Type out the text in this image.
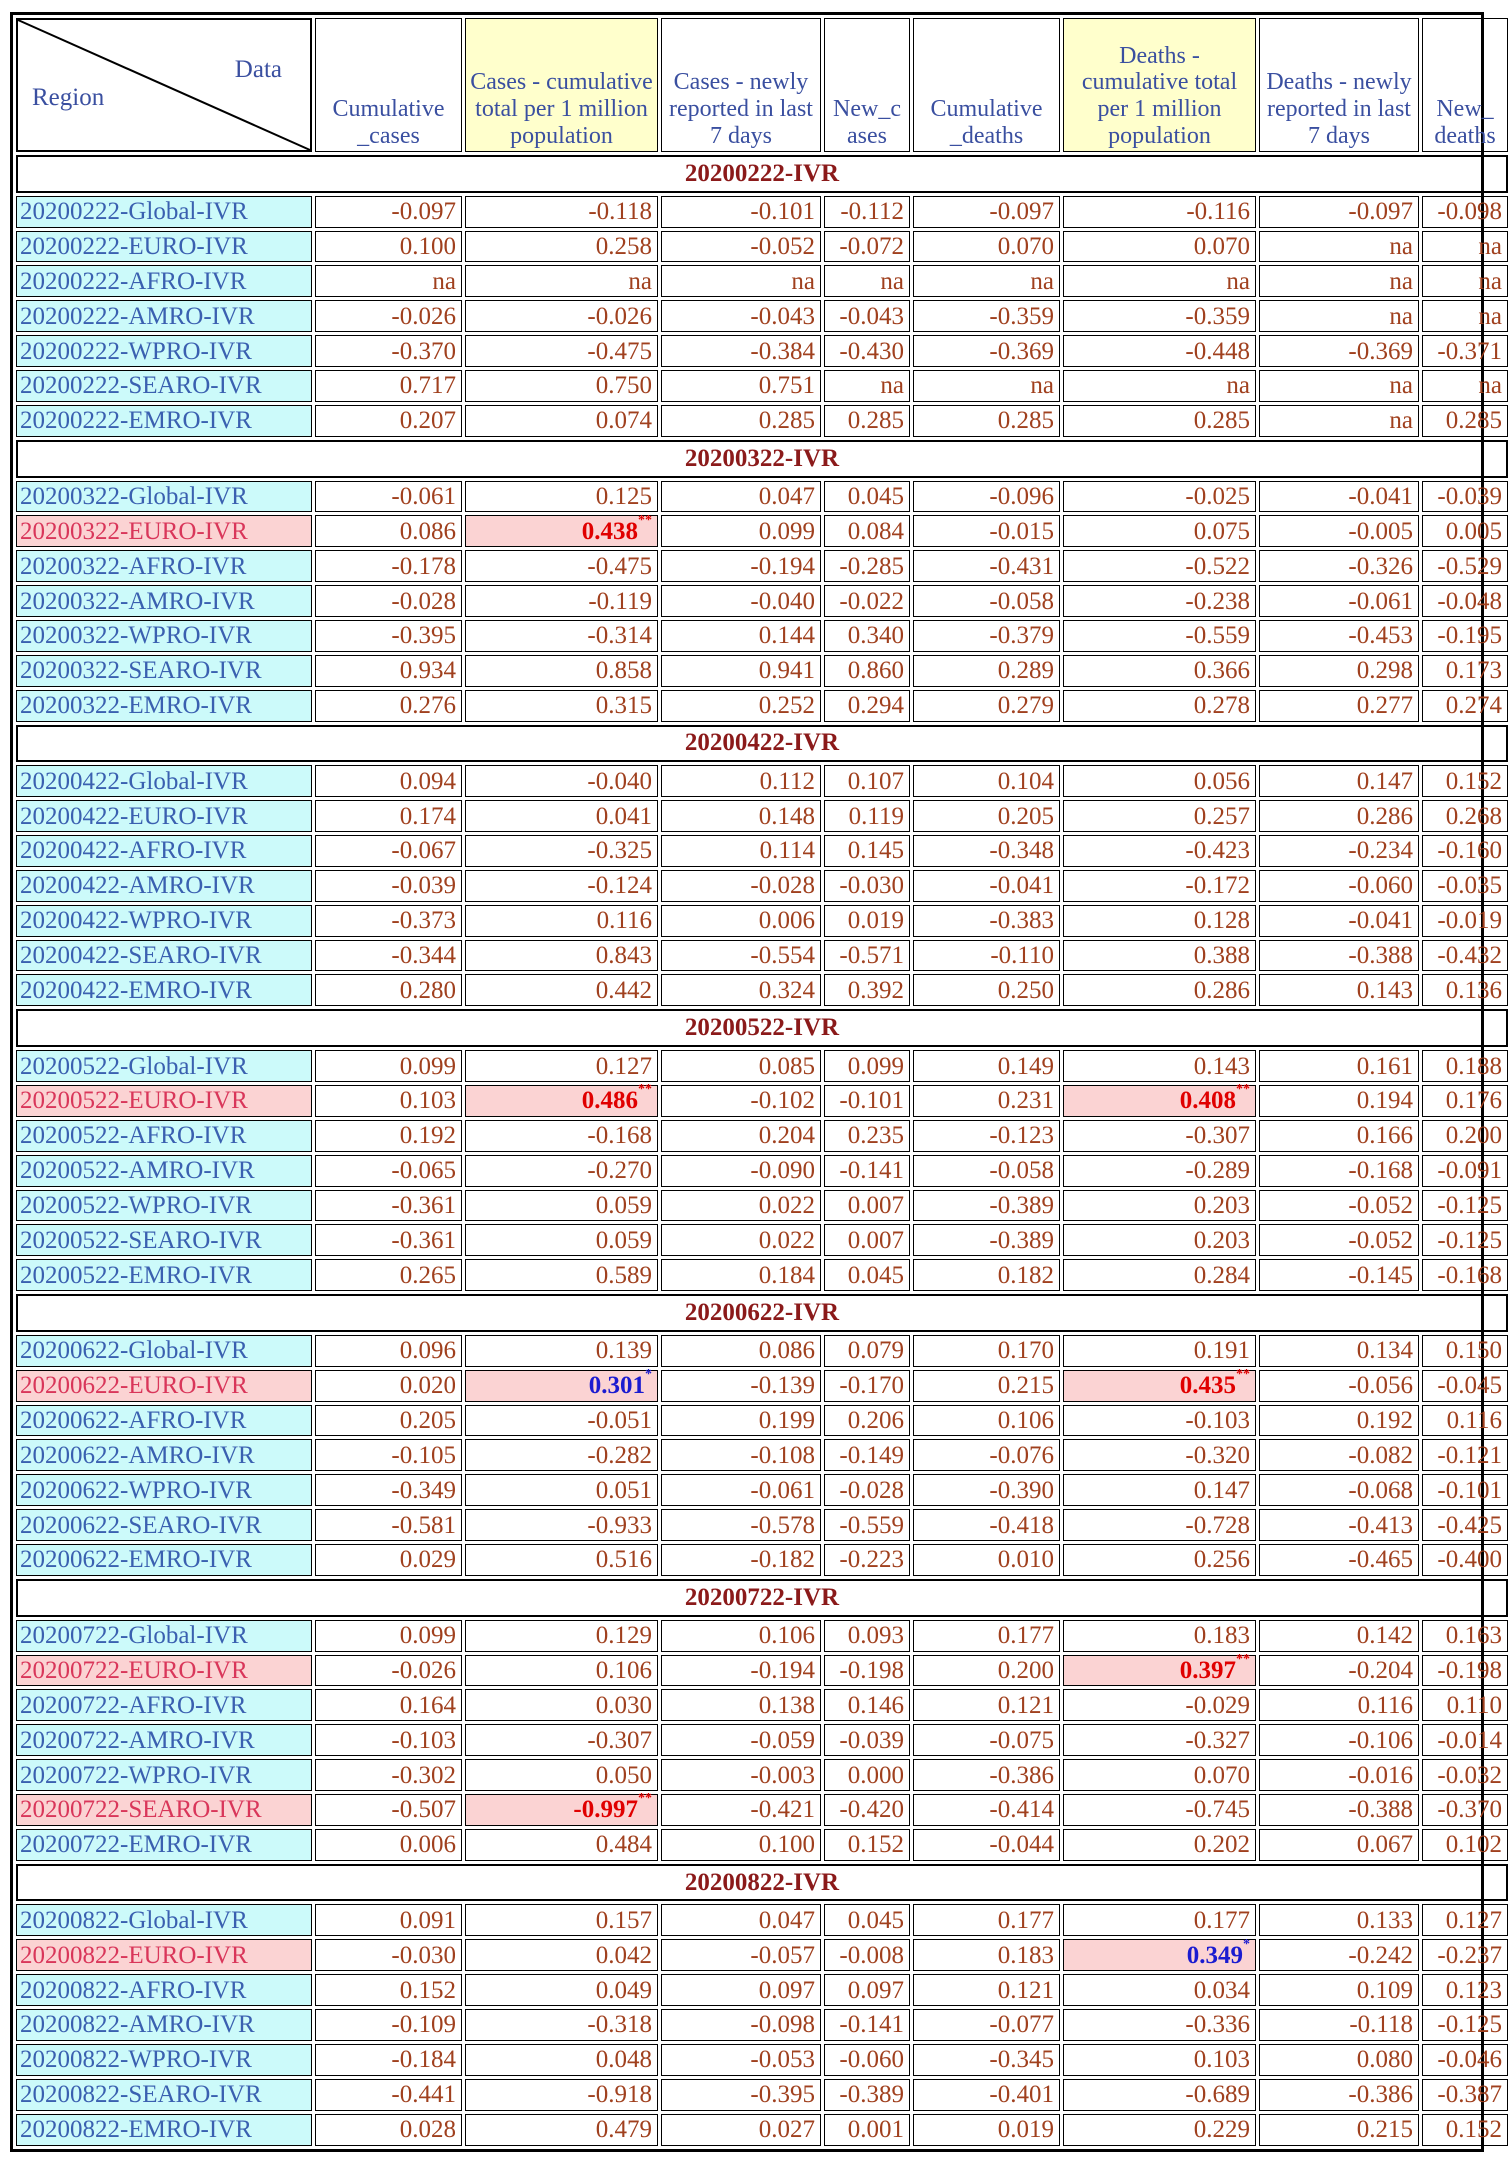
Data
Region	Cumulative _cases	Cases - cumulative total per 1 million population	Cases - newly reported in last 7 days	New_c ases	Cumulative _deaths	Deaths - cumulative total per 1 million population	Deaths - newly reported in last 7 days	New_ deaths
20200222-IVR								
20200222-Global-IVR	-0.097	-0.118	-0.101	-0.112	-0.097	-0.116	-0.097	-0.098
20200222-EURO-IVR	0.100	0.258	-0.052	-0.072	0.070	0.070	na	na
20200222-AFRO-IVR	na	na	na	na	na	na	na	na
20200222-AMRO-IVR	-0.026	-0.026	-0.043	-0.043	-0.359	-0.359	na	na
20200222-WPRO-IVR	-0.370	-0.475	-0.384	-0.430	-0.369	-0.448	-0.369	-0.371
20200222-SEARO-IVR	0.717	0.750	0.751	na	na	na	na	na
20200222-EMRO-IVR	0.207	0.074	0.285	0.285	0.285	0.285	na	0.285
20200322-IVR								
20200322-Global-IVR	-0.061	0.125	0.047	0.045	-0.096	-0.025	-0.041	-0.039
20200322-EURO-IVR	0.086	0.438**	0.099	0.084	-0.015	0.075	-0.005	0.005
20200322-AFRO-IVR	-0.178	-0.475	-0.194	-0.285	-0.431	-0.522	-0.326	-0.529
20200322-AMRO-IVR	-0.028	-0.119	-0.040	-0.022	-0.058	-0.238	-0.061	-0.048
20200322-WPRO-IVR	-0.395	-0.314	0.144	0.340	-0.379	-0.559	-0.453	-0.195
20200322-SEARO-IVR	0.934	0.858	0.941	0.860	0.289	0.366	0.298	0.173
20200322-EMRO-IVR	0.276	0.315	0.252	0.294	0.279	0.278	0.277	0.274
20200422-IVR								
20200422-Global-IVR	0.094	-0.040	0.112	0.107	0.104	0.056	0.147	0.152
20200422-EURO-IVR	0.174	0.041	0.148	0.119	0.205	0.257	0.286	0.268
20200422-AFRO-IVR	-0.067	-0.325	0.114	0.145	-0.348	-0.423	-0.234	-0.160
20200422-AMRO-IVR	-0.039	-0.124	-0.028	-0.030	-0.041	-0.172	-0.060	-0.035
20200422-WPRO-IVR	-0.373	0.116	0.006	0.019	-0.383	0.128	-0.041	-0.019
20200422-SEARO-IVR	-0.344	0.843	-0.554	-0.571	-0.110	0.388	-0.388	-0.432
20200422-EMRO-IVR	0.280	0.442	0.324	0.392	0.250	0.286	0.143	0.136
20200522-IVR								
20200522-Global-IVR	0.099	0.127	0.085	0.099	0.149	0.143	0.161	0.188
20200522-EURO-IVR	0.103	0.486**	-0.102	-0.101	0.231	0.408**	0.194	0.176
20200522-AFRO-IVR	0.192	-0.168	0.204	0.235	-0.123	-0.307	0.166	0.200
20200522-AMRO-IVR	-0.065	-0.270	-0.090	-0.141	-0.058	-0.289	-0.168	-0.091
20200522-WPRO-IVR	-0.361	0.059	0.022	0.007	-0.389	0.203	-0.052	-0.125
20200522-SEARO-IVR	-0.361	0.059	0.022	0.007	-0.389	0.203	-0.052	-0.125
20200522-EMRO-IVR	0.265	0.589	0.184	0.045	0.182	0.284	-0.145	-0.168
20200622-IVR								
20200622-Global-IVR	0.096	0.139	0.086	0.079	0.170	0.191	0.134	0.150
20200622-EURO-IVR	0.020	0.301*	-0.139	-0.170	0.215	0.435**	-0.056	-0.045
20200622-AFRO-IVR	0.205	-0.051	0.199	0.206	0.106	-0.103	0.192	0.116
20200622-AMRO-IVR	-0.105	-0.282	-0.108	-0.149	-0.076	-0.320	-0.082	-0.121
20200622-WPRO-IVR	-0.349	0.051	-0.061	-0.028	-0.390	0.147	-0.068	-0.101
20200622-SEARO-IVR	-0.581	-0.933	-0.578	-0.559	-0.418	-0.728	-0.413	-0.425
20200622-EMRO-IVR	0.029	0.516	-0.182	-0.223	0.010	0.256	-0.465	-0.400
20200722-IVR								
20200722-Global-IVR	0.099	0.129	0.106	0.093	0.177	0.183	0.142	0.163
20200722-EURO-IVR	-0.026	0.106	-0.194	-0.198	0.200	0.397**	-0.204	-0.198
20200722-AFRO-IVR	0.164	0.030	0.138	0.146	0.121	-0.029	0.116	0.110
20200722-AMRO-IVR	-0.103	-0.307	-0.059	-0.039	-0.075	-0.327	-0.106	-0.014
20200722-WPRO-IVR	-0.302	0.050	-0.003	0.000	-0.386	0.070	-0.016	-0.032
20200722-SEARO-IVR	-0.507	-0.997**	-0.421	-0.420	-0.414	-0.745	-0.388	-0.370
20200722-EMRO-IVR	0.006	0.484	0.100	0.152	-0.044	0.202	0.067	0.102
20200822-IVR								
20200822-Global-IVR	0.091	0.157	0.047	0.045	0.177	0.177	0.133	0.127
20200822-EURO-IVR	-0.030	0.042	-0.057	-0.008	0.183	0.349*	-0.242	-0.237
20200822-AFRO-IVR	0.152	0.049	0.097	0.097	0.121	0.034	0.109	0.123
20200822-AMRO-IVR	-0.109	-0.318	-0.098	-0.141	-0.077	-0.336	-0.118	-0.125
20200822-WPRO-IVR	-0.184	0.048	-0.053	-0.060	-0.345	0.103	0.080	-0.046
20200822-SEARO-IVR	-0.441	-0.918	-0.395	-0.389	-0.401	-0.689	-0.386	-0.387
20200822-EMRO-IVR	0.028	0.479	0.027	0.001	0.019	0.229	0.215	0.152
